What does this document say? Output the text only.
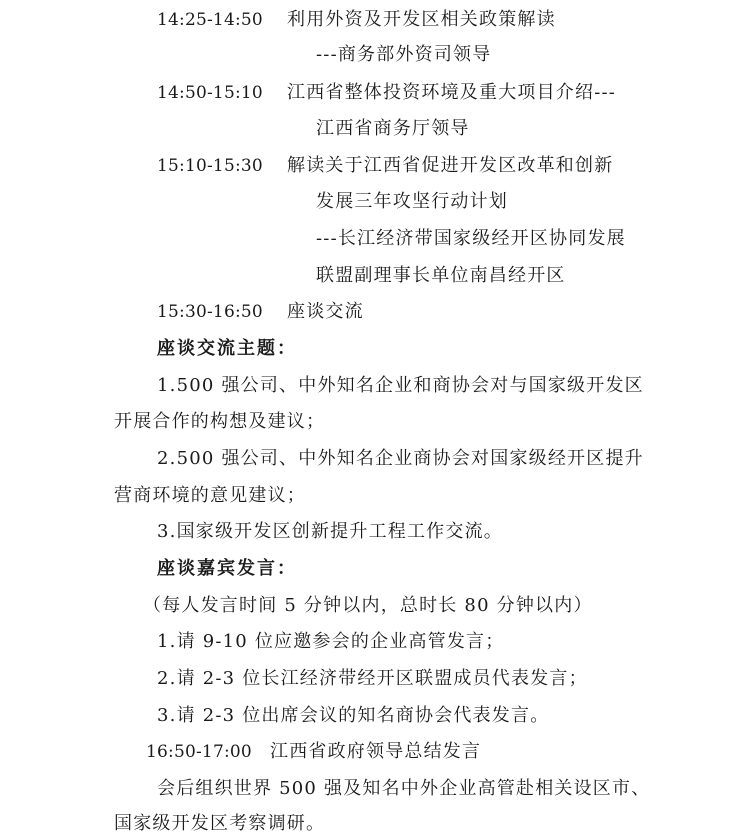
14:25-14:50 利用外资及开发区相关政策解读
---商务部外资司领导
14:50-15:10 江西省整体投资环境及重大项目介绍---
江西省商务厅领导
15:10-15:30 解读关于江西省促进开发区改革和创新
发展三年攻坚行动计划
---长江经济带国家级经开区协同发展
联盟副理事长单位南昌经开区
15:30-16:50 座谈交流
座谈交流主题：
1.500 强公司、中外知名企业和商协会对与国家级开发区
开展合作的构想及建议；
2.500 强公司、中外知名企业商协会对国家级经开区提升
营商环境的意见建议；
3.国家级开发区创新提升工程工作交流。
座谈嘉宾发言：
（每人发言时间 5 分钟以内，总时长 80 分钟以内）
1.请 9-10 位应邀参会的企业高管发言；
2.请 2-3 位长江经济带经开区联盟成员代表发言；
3.请 2-3 位出席会议的知名商协会代表发言。
16:50-17:00 江西省政府领导总结发言
会后组织世界 500 强及知名中外企业高管赴相关设区市、
国家级开发区考察调研。
